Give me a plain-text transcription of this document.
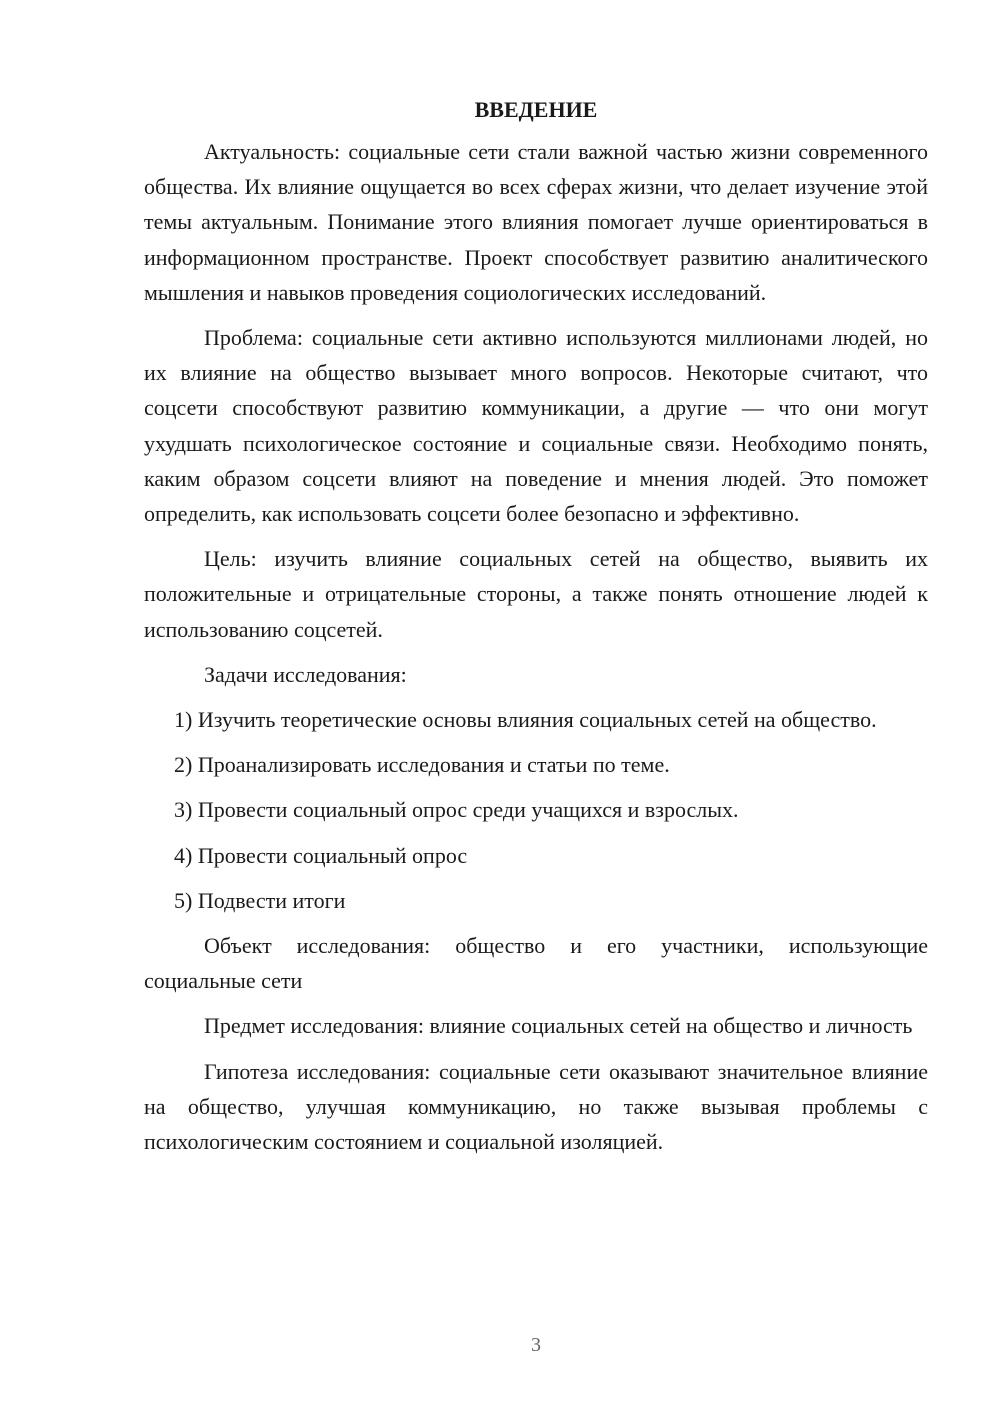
ВВЕДЕНИЕ

Актуальность: социальные сети стали важной частью жизни современного общества. Их влияние ощущается во всех сферах жизни, что делает изучение этой темы актуальным. Понимание этого влияния помогает лучше ориентироваться в информационном пространстве. Проект способствует развитию аналитического мышления и навыков проведения социологических исследований.

Проблема: социальные сети активно используются миллионами людей, но их влияние на общество вызывает много вопросов. Некоторые считают, что соцсети способствуют развитию коммуникации, а другие — что они могут ухудшать психологическое состояние и социальные связи. Необходимо понять, каким образом соцсети влияют на поведение и мнения людей. Это поможет определить, как использовать соцсети более безопасно и эффективно.

Цель: изучить влияние социальных сетей на общество, выявить их положительные и отрицательные стороны, а также понять отношение людей к использованию соцсетей.

Задачи исследования:

1) Изучить теоретические основы влияния социальных сетей на общество.

2) Проанализировать исследования и статьи по теме.

3) Провести социальный опрос среди учащихся и взрослых.

4) Провести социальный опрос

5) Подвести итоги

Объект исследования: общество и его участники, использующие социальные сети

Предмет исследования: влияние социальных сетей на общество и личность

Гипотеза исследования: социальные сети оказывают значительное влияние на общество, улучшая коммуникацию, но также вызывая проблемы с психологическим состоянием и социальной изоляцией.

3
